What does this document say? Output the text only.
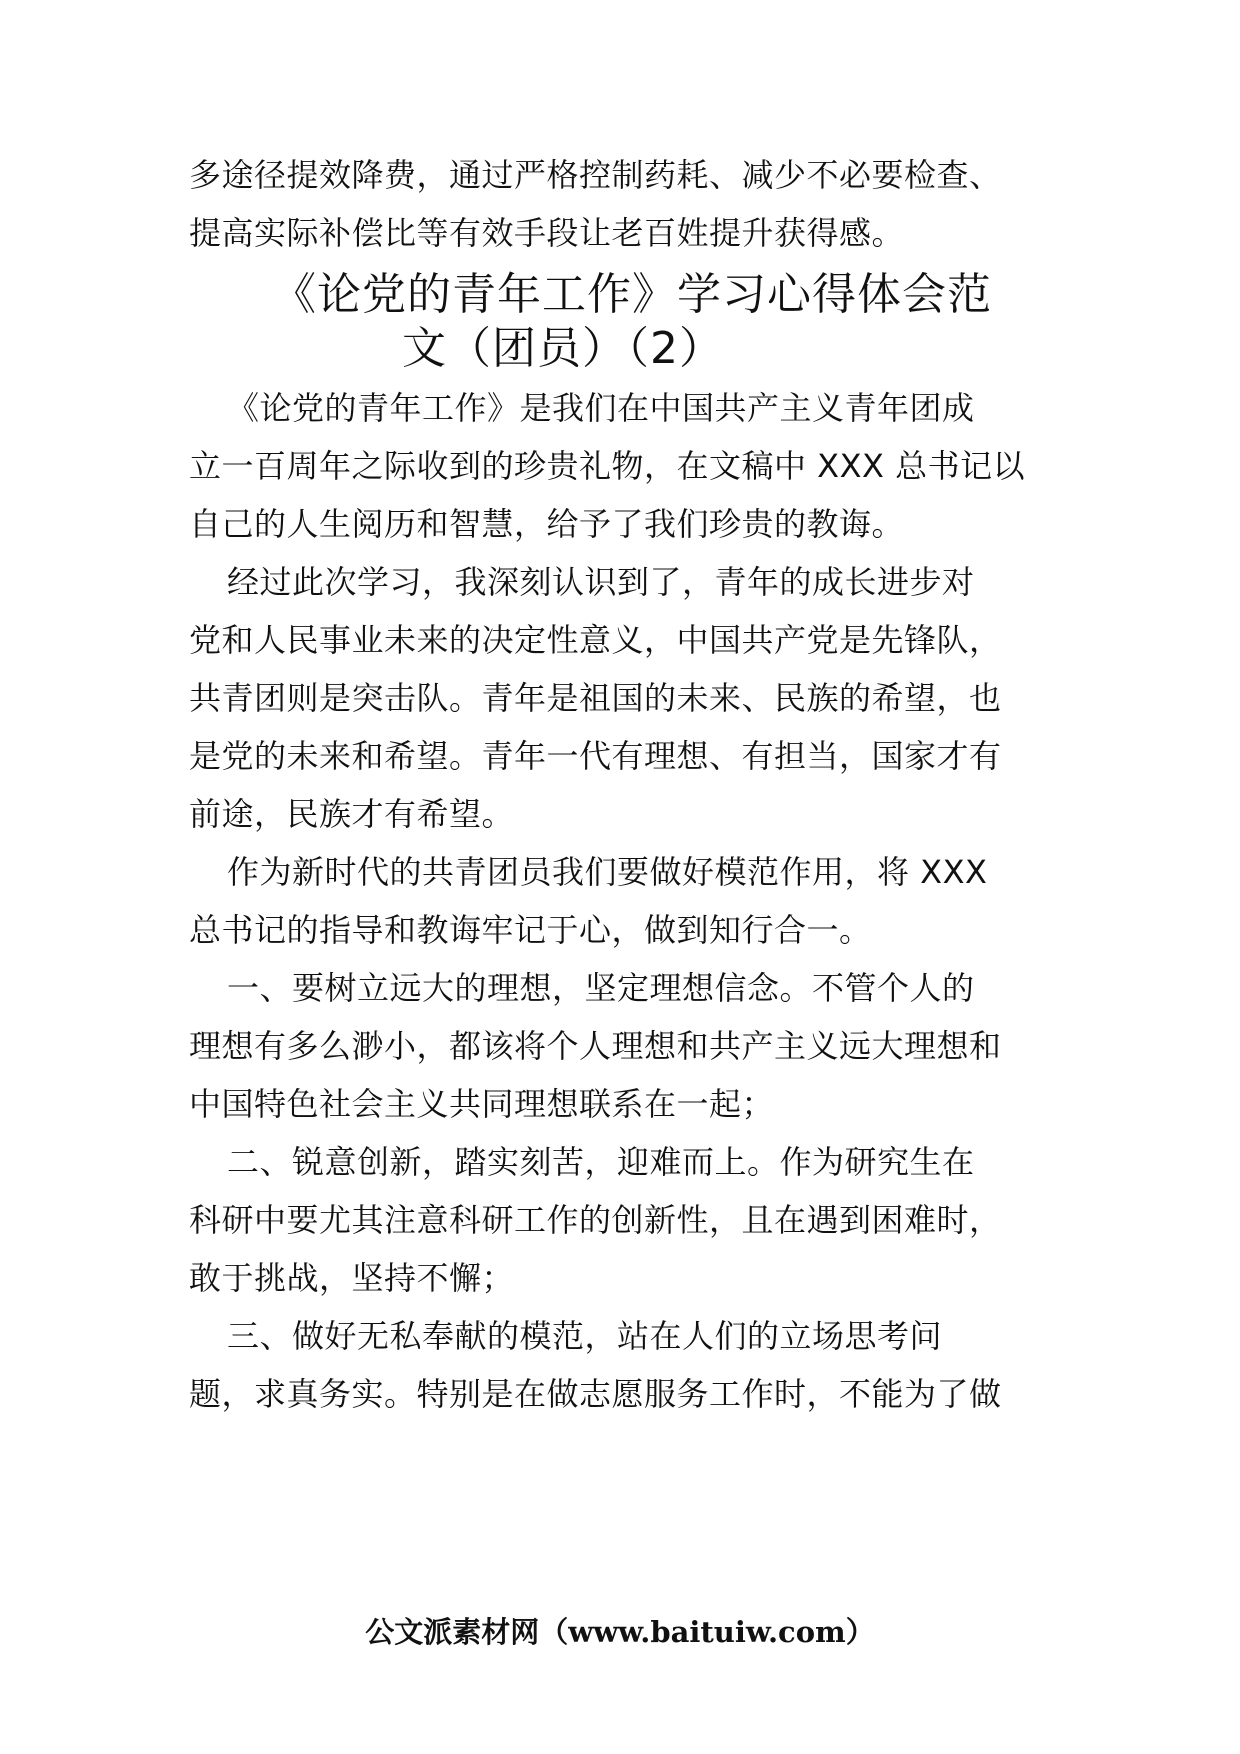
多途径提效降费，通过严格控制药耗、减少不必要检查、
提高实际补偿比等有效手段让老百姓提升获得感。
《论党的青年工作》学习心得体会范
文（团员）（2）
《论党的青年工作》是我们在中国共产主义青年团成
立一百周年之际收到的珍贵礼物，在文稿中 XXX 总书记以
自己的人生阅历和智慧，给予了我们珍贵的教诲。
经过此次学习，我深刻认识到了，青年的成长进步对
党和人民事业未来的决定性意义，中国共产党是先锋队，
共青团则是突击队。青年是祖国的未来、民族的希望，也
是党的未来和希望。青年一代有理想、有担当，国家才有
前途，民族才有希望。
作为新时代的共青团员我们要做好模范作用，将 XXX
总书记的指导和教诲牢记于心，做到知行合一。
一、要树立远大的理想，坚定理想信念。不管个人的
理想有多么渺小，都该将个人理想和共产主义远大理想和
中国特色社会主义共同理想联系在一起；
二、锐意创新，踏实刻苦，迎难而上。作为研究生在
科研中要尤其注意科研工作的创新性，且在遇到困难时，
敢于挑战，坚持不懈；
三、做好无私奉献的模范，站在人们的立场思考问
题，求真务实。特别是在做志愿服务工作时，不能为了做
公文派素材网（www.baituiw.com）
